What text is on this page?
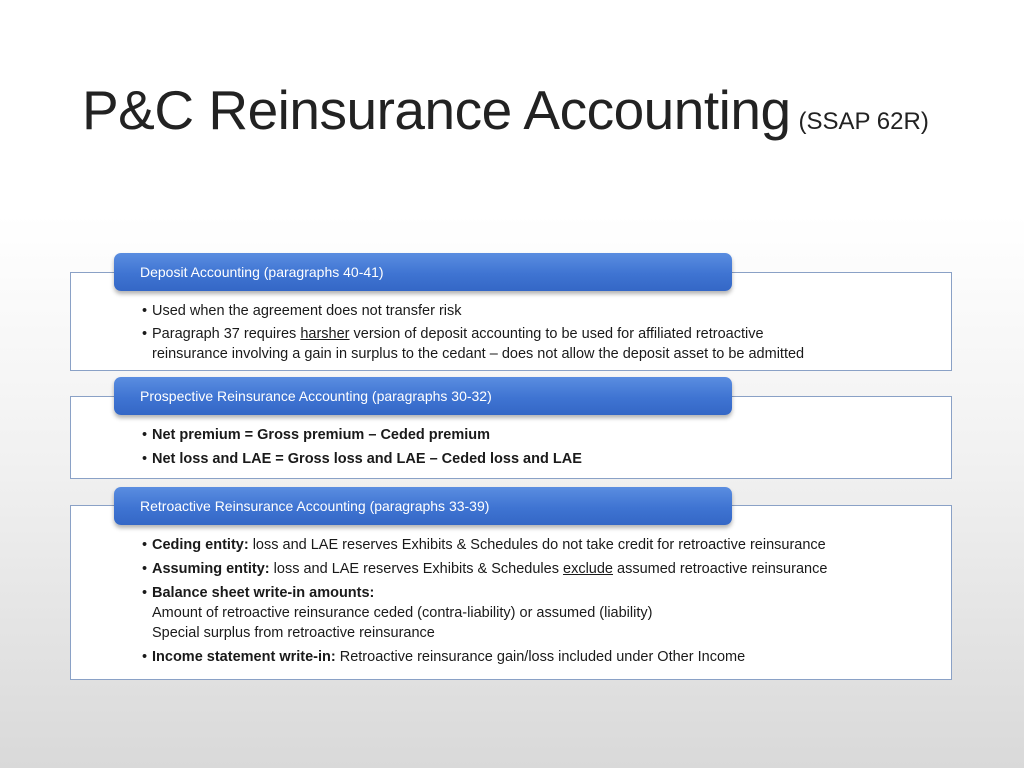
P&C Reinsurance Accounting (SSAP 62R)
Deposit Accounting (paragraphs 40-41)
• Used when the agreement does not transfer risk
• Paragraph 37 requires harsher version of deposit accounting to be used for affiliated retroactive
reinsurance involving a gain in surplus to the cedant – does not allow the deposit asset to be admitted
Prospective Reinsurance Accounting (paragraphs 30-32)
• Net premium = Gross premium – Ceded premium
• Net loss and LAE = Gross loss and LAE – Ceded loss and LAE
Retroactive Reinsurance Accounting (paragraphs 33-39)
• Ceding entity: loss and LAE reserves Exhibits & Schedules do not take credit for retroactive reinsurance
• Assuming entity: loss and LAE reserves Exhibits & Schedules exclude assumed retroactive reinsurance
• Balance sheet write-in amounts:
Amount of retroactive reinsurance ceded (contra-liability) or assumed (liability)
Special surplus from retroactive reinsurance
• Income statement write-in: Retroactive reinsurance gain/loss included under Other Income
